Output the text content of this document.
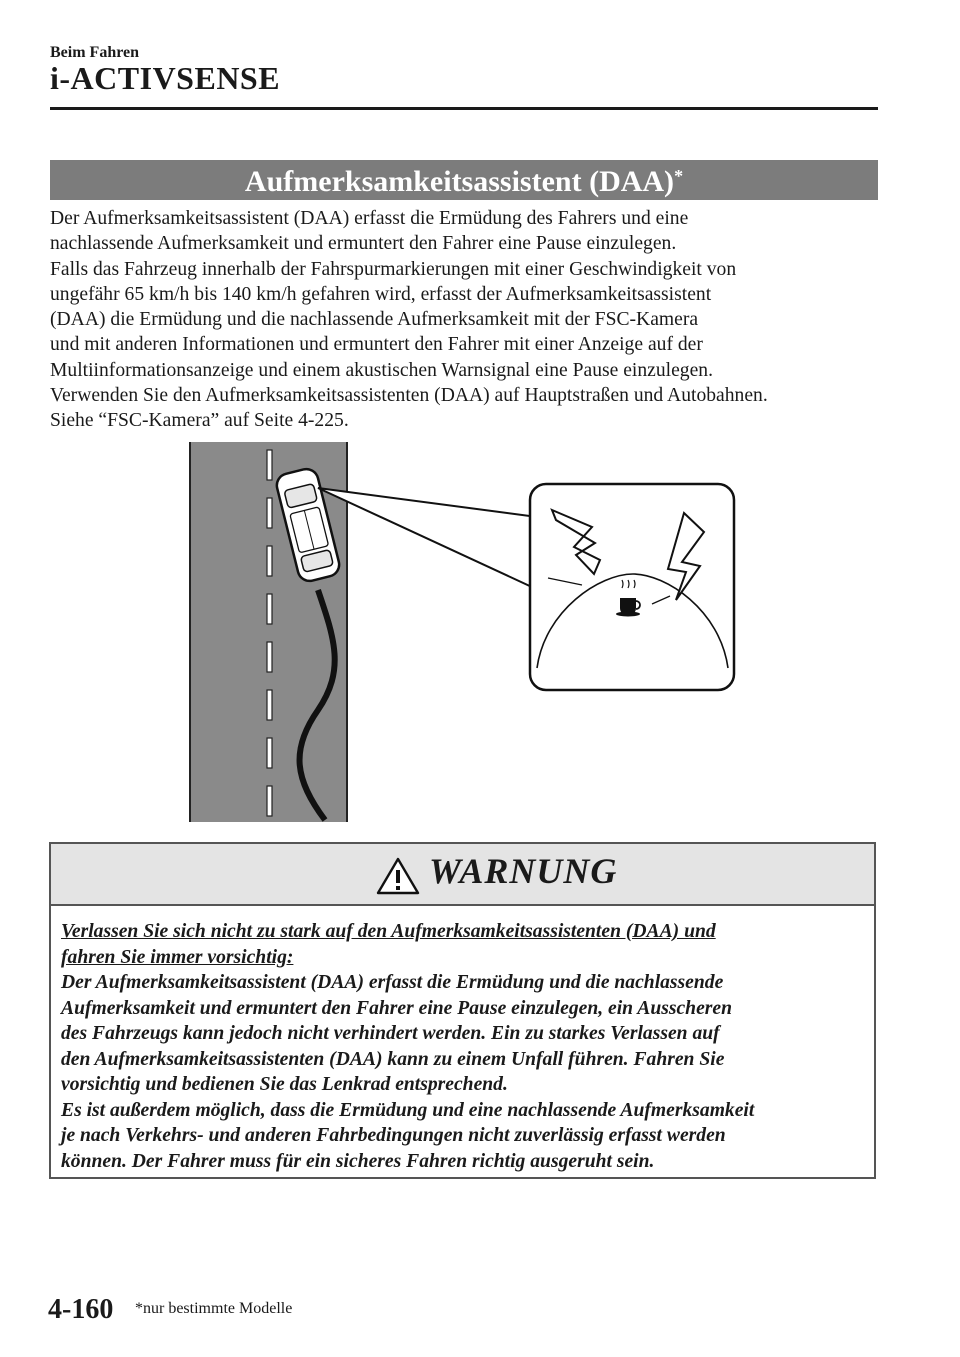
Beim Fahren
i-ACTIVSENSE
Aufmerksamkeitsassistent (DAA)*

Der Aufmerksamkeitsassistent (DAA) erfasst die Ermüdung des Fahrers und eine

nachlassende Aufmerksamkeit und ermuntert den Fahrer eine Pause einzulegen.

Falls das Fahrzeug innerhalb der Fahrspurmarkierungen mit einer Geschwindigkeit von

ungefähr 65 km/h bis 140 km/h gefahren wird, erfasst der Aufmerksamkeitsassistent

(DAA) die Ermüdung und die nachlassende Aufmerksamkeit mit der FSC-Kamera

und mit anderen Informationen und ermuntert den Fahrer mit einer Anzeige auf der

Multiinformationsanzeige und einem akustischen Warnsignal eine Pause einzulegen.

Verwenden Sie den Aufmerksamkeitsassistenten (DAA) auf Hauptstraßen und Autobahnen.

Siehe “FSC-Kamera” auf Seite 4-225.

WARNUNG

Verlassen Sie sich nicht zu stark auf den Aufmerksamkeitsassistenten (DAA) und

fahren Sie immer vorsichtig:

Der Aufmerksamkeitsassistent (DAA) erfasst die Ermüdung und die nachlassende

Aufmerksamkeit und ermuntert den Fahrer eine Pause einzulegen, ein Ausscheren

des Fahrzeugs kann jedoch nicht verhindert werden. Ein zu starkes Verlassen auf

den Aufmerksamkeitsassistenten (DAA) kann zu einem Unfall führen. Fahren Sie

vorsichtig und bedienen Sie das Lenkrad entsprechend.

Es ist außerdem möglich, dass die Ermüdung und eine nachlassende Aufmerksamkeit

je nach Verkehrs- und anderen Fahrbedingungen nicht zuverlässig erfasst werden

können. Der Fahrer muss für ein sicheres Fahren richtig ausgeruht sein.

4-160 *nur bestimmte Modelle
